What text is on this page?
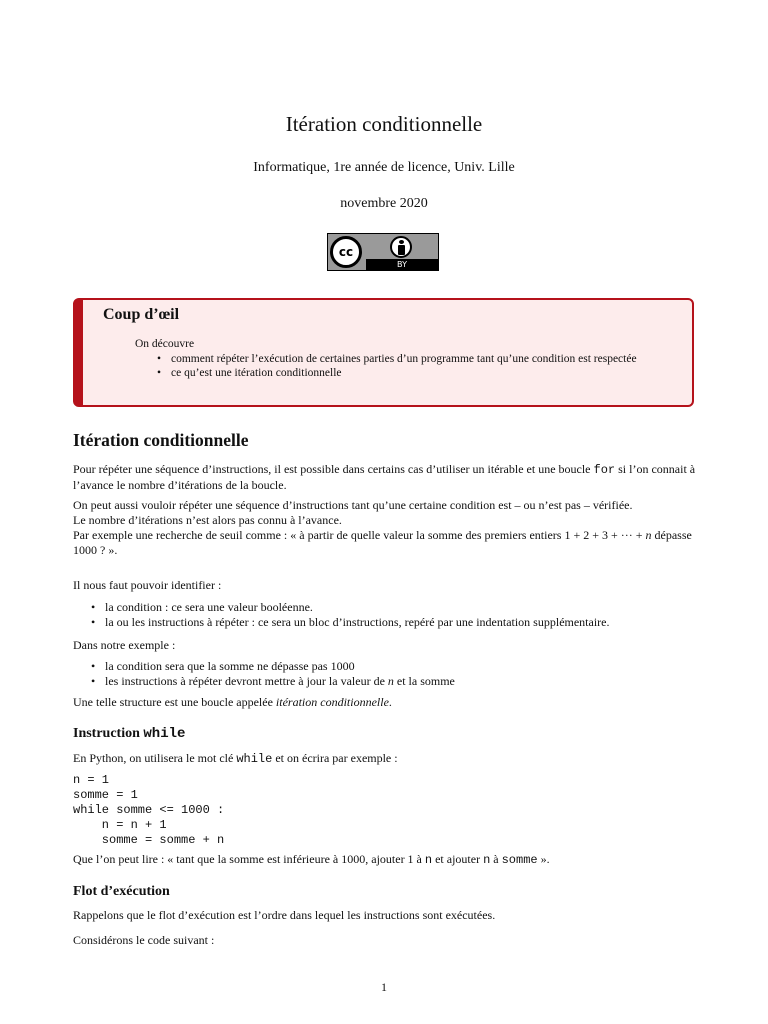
Itération conditionnelle
Informatique, 1re année de licence, Univ. Lille
novembre 2020
cc
BY
Coup d’œil
On découvre
• comment répéter l’exécution de certaines parties d’un programme tant qu’une condition est respectée
• ce qu’est une itération conditionnelle
Itération conditionnelle
Pour répéter une séquence d’instructions, il est possible dans certains cas d’utiliser un itérable et une boucle for si l’on connait à l’avance le nombre d’itérations de la boucle.
On peut aussi vouloir répéter une séquence d’instructions tant qu’une certaine condition est – ou n’est pas – vérifiée.
Le nombre d’itérations n’est alors pas connu à l’avance.
Par exemple une recherche de seuil comme : « à partir de quelle valeur la somme des premiers entiers 1 + 2 + 3 + ··· + n dépasse 1000 ? ».
Il nous faut pouvoir identifier :
• la condition : ce sera une valeur booléenne.
• la ou les instructions à répéter : ce sera un bloc d’instructions, repéré par une indentation supplémentaire.
Dans notre exemple :
• la condition sera que la somme ne dépasse pas 1000
• les instructions à répéter devront mettre à jour la valeur de n et la somme
Une telle structure est une boucle appelée itération conditionnelle.
Instruction while
En Python, on utilisera le mot clé while et on écrira par exemple :
n = 1
somme = 1
while somme <= 1000 :
n = n + 1
somme = somme + n
Que l’on peut lire : « tant que la somme est inférieure à 1000, ajouter 1 à n et ajouter n à somme ».
Flot d’exécution
Rappelons que le flot d’exécution est l’ordre dans lequel les instructions sont exécutées.
Considérons le code suivant :
1
